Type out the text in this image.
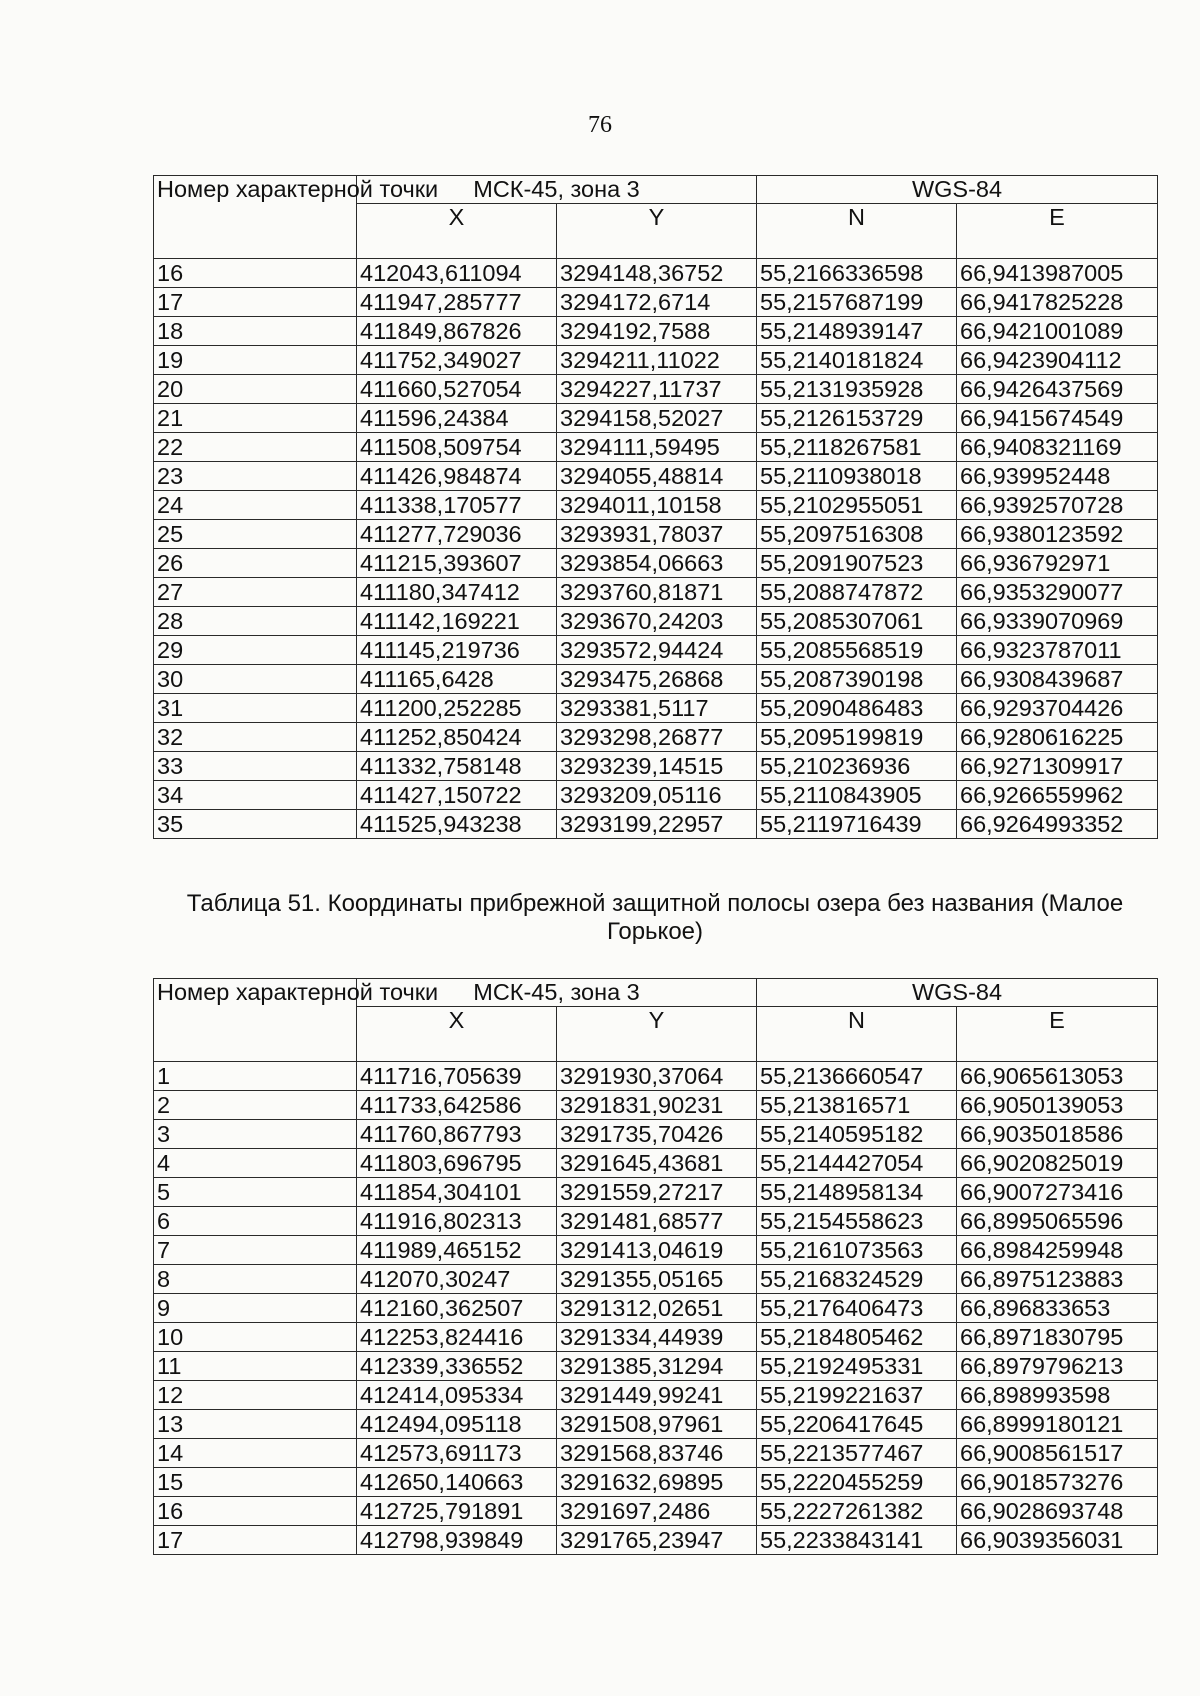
76
Номер характерной точки	МСК-45, зона 3		WGS-84	
	X	Y	N	E
16	412043,611094	3294148,36752	55,2166336598	66,9413987005
17	411947,285777	3294172,6714	55,2157687199	66,9417825228
18	411849,867826	3294192,7588	55,2148939147	66,9421001089
19	411752,349027	3294211,11022	55,2140181824	66,9423904112
20	411660,527054	3294227,11737	55,2131935928	66,9426437569
21	411596,24384	3294158,52027	55,2126153729	66,9415674549
22	411508,509754	3294111,59495	55,2118267581	66,9408321169
23	411426,984874	3294055,48814	55,2110938018	66,939952448
24	411338,170577	3294011,10158	55,2102955051	66,9392570728
25	411277,729036	3293931,78037	55,2097516308	66,9380123592
26	411215,393607	3293854,06663	55,2091907523	66,936792971
27	411180,347412	3293760,81871	55,2088747872	66,9353290077
28	411142,169221	3293670,24203	55,2085307061	66,9339070969
29	411145,219736	3293572,94424	55,2085568519	66,9323787011
30	411165,6428	3293475,26868	55,2087390198	66,9308439687
31	411200,252285	3293381,5117	55,2090486483	66,9293704426
32	411252,850424	3293298,26877	55,2095199819	66,9280616225
33	411332,758148	3293239,14515	55,210236936	66,9271309917
34	411427,150722	3293209,05116	55,2110843905	66,9266559962
35	411525,943238	3293199,22957	55,2119716439	66,9264993352
Таблица 51. Координаты прибрежной защитной полосы озера без названия (Малое Горькое)
Номер характерной точки	МСК-45, зона 3		WGS-84	
	X	Y	N	E
1	411716,705639	3291930,37064	55,2136660547	66,9065613053
2	411733,642586	3291831,90231	55,213816571	66,9050139053
3	411760,867793	3291735,70426	55,2140595182	66,9035018586
4	411803,696795	3291645,43681	55,2144427054	66,9020825019
5	411854,304101	3291559,27217	55,2148958134	66,9007273416
6	411916,802313	3291481,68577	55,2154558623	66,8995065596
7	411989,465152	3291413,04619	55,2161073563	66,8984259948
8	412070,30247	3291355,05165	55,2168324529	66,8975123883
9	412160,362507	3291312,02651	55,2176406473	66,896833653
10	412253,824416	3291334,44939	55,2184805462	66,8971830795
11	412339,336552	3291385,31294	55,2192495331	66,8979796213
12	412414,095334	3291449,99241	55,2199221637	66,898993598
13	412494,095118	3291508,97961	55,2206417645	66,8999180121
14	412573,691173	3291568,83746	55,2213577467	66,9008561517
15	412650,140663	3291632,69895	55,2220455259	66,9018573276
16	412725,791891	3291697,2486	55,2227261382	66,9028693748
17	412798,939849	3291765,23947	55,2233843141	66,9039356031
